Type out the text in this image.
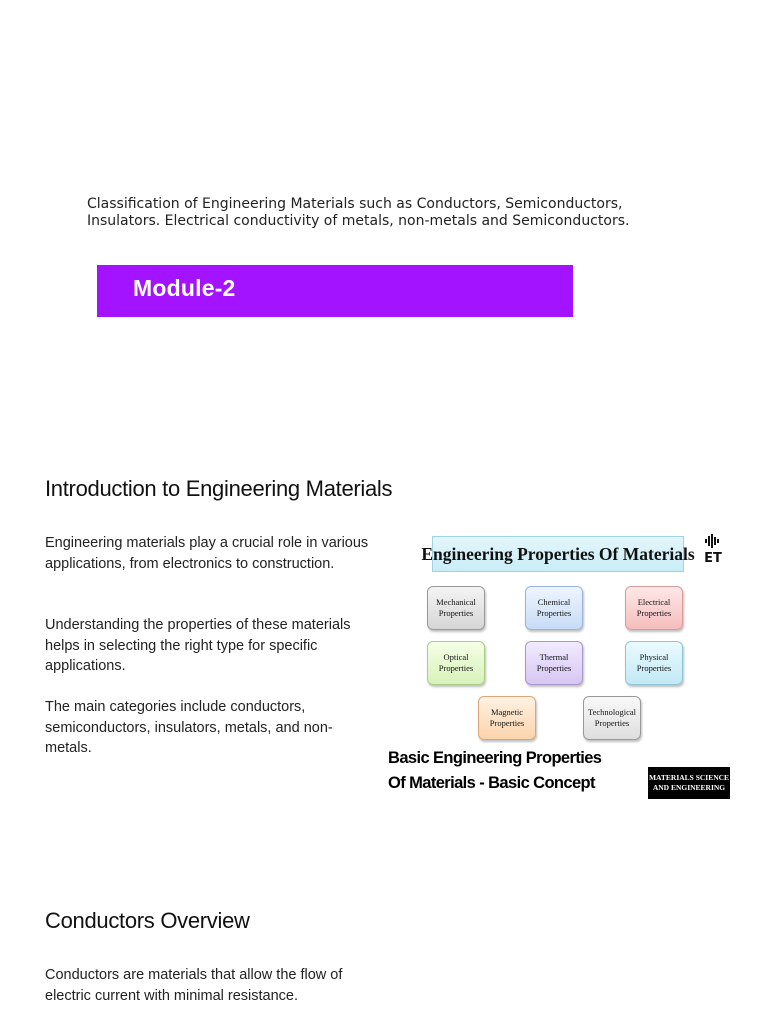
Classification of Engineering Materials such as Conductors, Semiconductors,
Insulators. Electrical conductivity of metals, non-metals and Semiconductors.

Module-2
Introduction to Engineering Materials

Engineering materials play a crucial role in various applications, from electronics to construction.

Understanding the properties of these materials helps in selecting the right type for specific applications.

The main categories include conductors, semiconductors, insulators, metals, and non-metals.

Engineering Properties Of Materials ET
Mechanical Properties
Chemical Properties
Electrical Properties
Optical Properties
Thermal Properties
Physical Properties
Magnetic Properties
Technological Properties
Basic Engineering Properties
Of Materials - Basic Concept	MATERIALS SCIENCE
AND ENGINEERING
Conductors Overview

Conductors are materials that allow the flow of electric current with minimal resistance.
